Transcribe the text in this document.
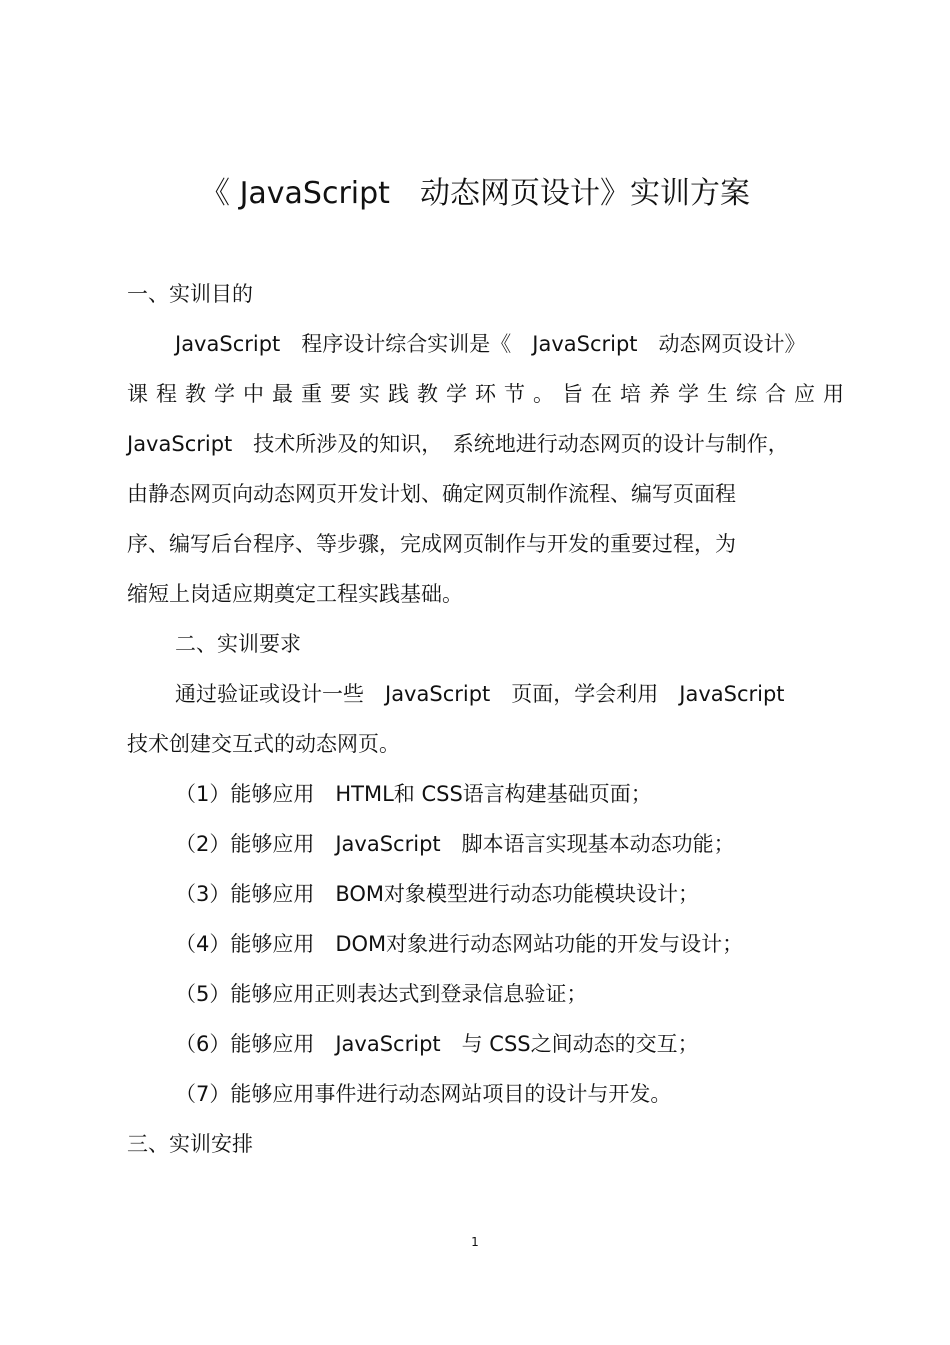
《 JavaScript　动态网页设计》实训方案
一、实训目的
JavaScript　程序设计综合实训是《　JavaScript　动态网页设计》
课程教学中最重要实践教学环节。旨在培养学生综合应用
JavaScript　技术所涉及的知识，　系统地进行动态网页的设计与制作，
由静态网页向动态网页开发计划、确定网页制作流程、编写页面程
序、编写后台程序、等步骤，完成网页制作与开发的重要过程，为
缩短上岗适应期奠定工程实践基础。
二、实训要求
通过验证或设计一些　JavaScript　页面，学会利用　JavaScript
技术创建交互式的动态网页。
（1）能够应用　HTML和 CSS语言构建基础页面；
（2）能够应用　JavaScript　脚本语言实现基本动态功能；
（3）能够应用　BOM对象模型进行动态功能模块设计；
（4）能够应用　DOM对象进行动态网站功能的开发与设计；
（5）能够应用正则表达式到登录信息验证；
（6）能够应用　JavaScript　与 CSS之间动态的交互；
（7）能够应用事件进行动态网站项目的设计与开发。
三、实训安排
1
